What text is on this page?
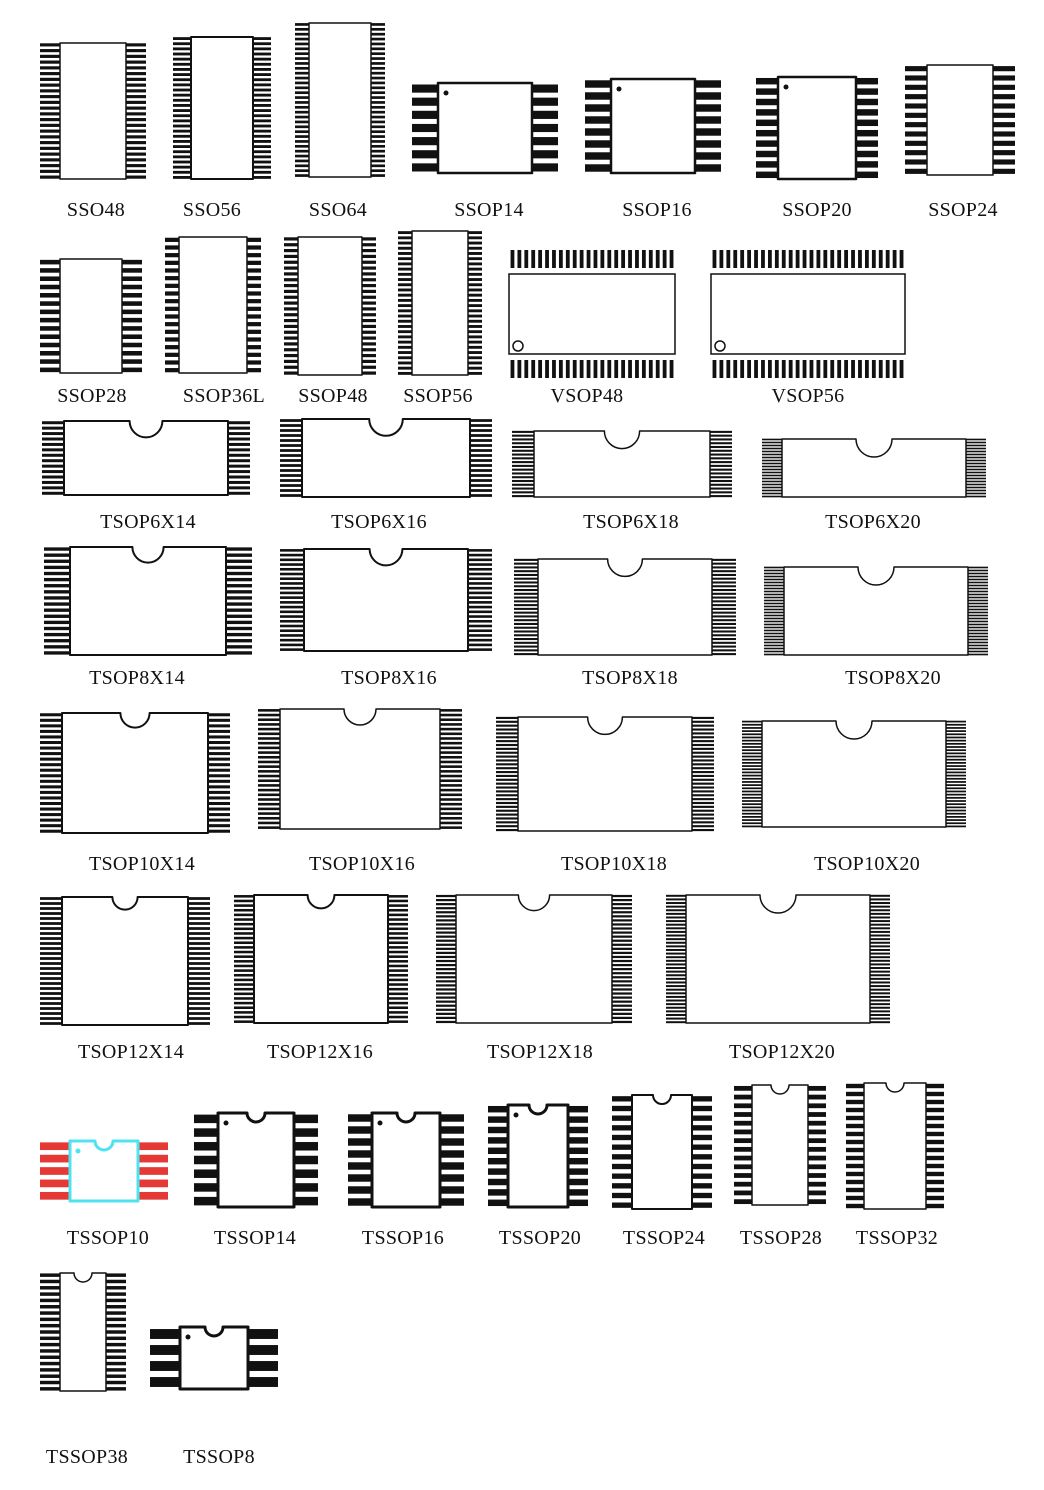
SSO48	SSO56	SSO64	SSOP14	SSOP16	SSOP20	SSOP24
SSOP28	SSOP36L SSOP48 SSOP56	VSOP48	VSOP56
TSOP6X14	TSOP6X16	TSOP6X18	TSOP6X20
TSOP8X14	TSOP8X16	TSOP8X18	TSOP8X20
TSOP10X14	TSOP10X16	TSOP10X18	TSOP10X20
TSOP12X14	TSOP12X16	TSOP12X18	TSOP12X20
TSSOP10	TSSOP14	TSSOP16	TSSOP20 TSSOP24 TSSOP28 TSSOP32
TSSOP38	TSSOP8
